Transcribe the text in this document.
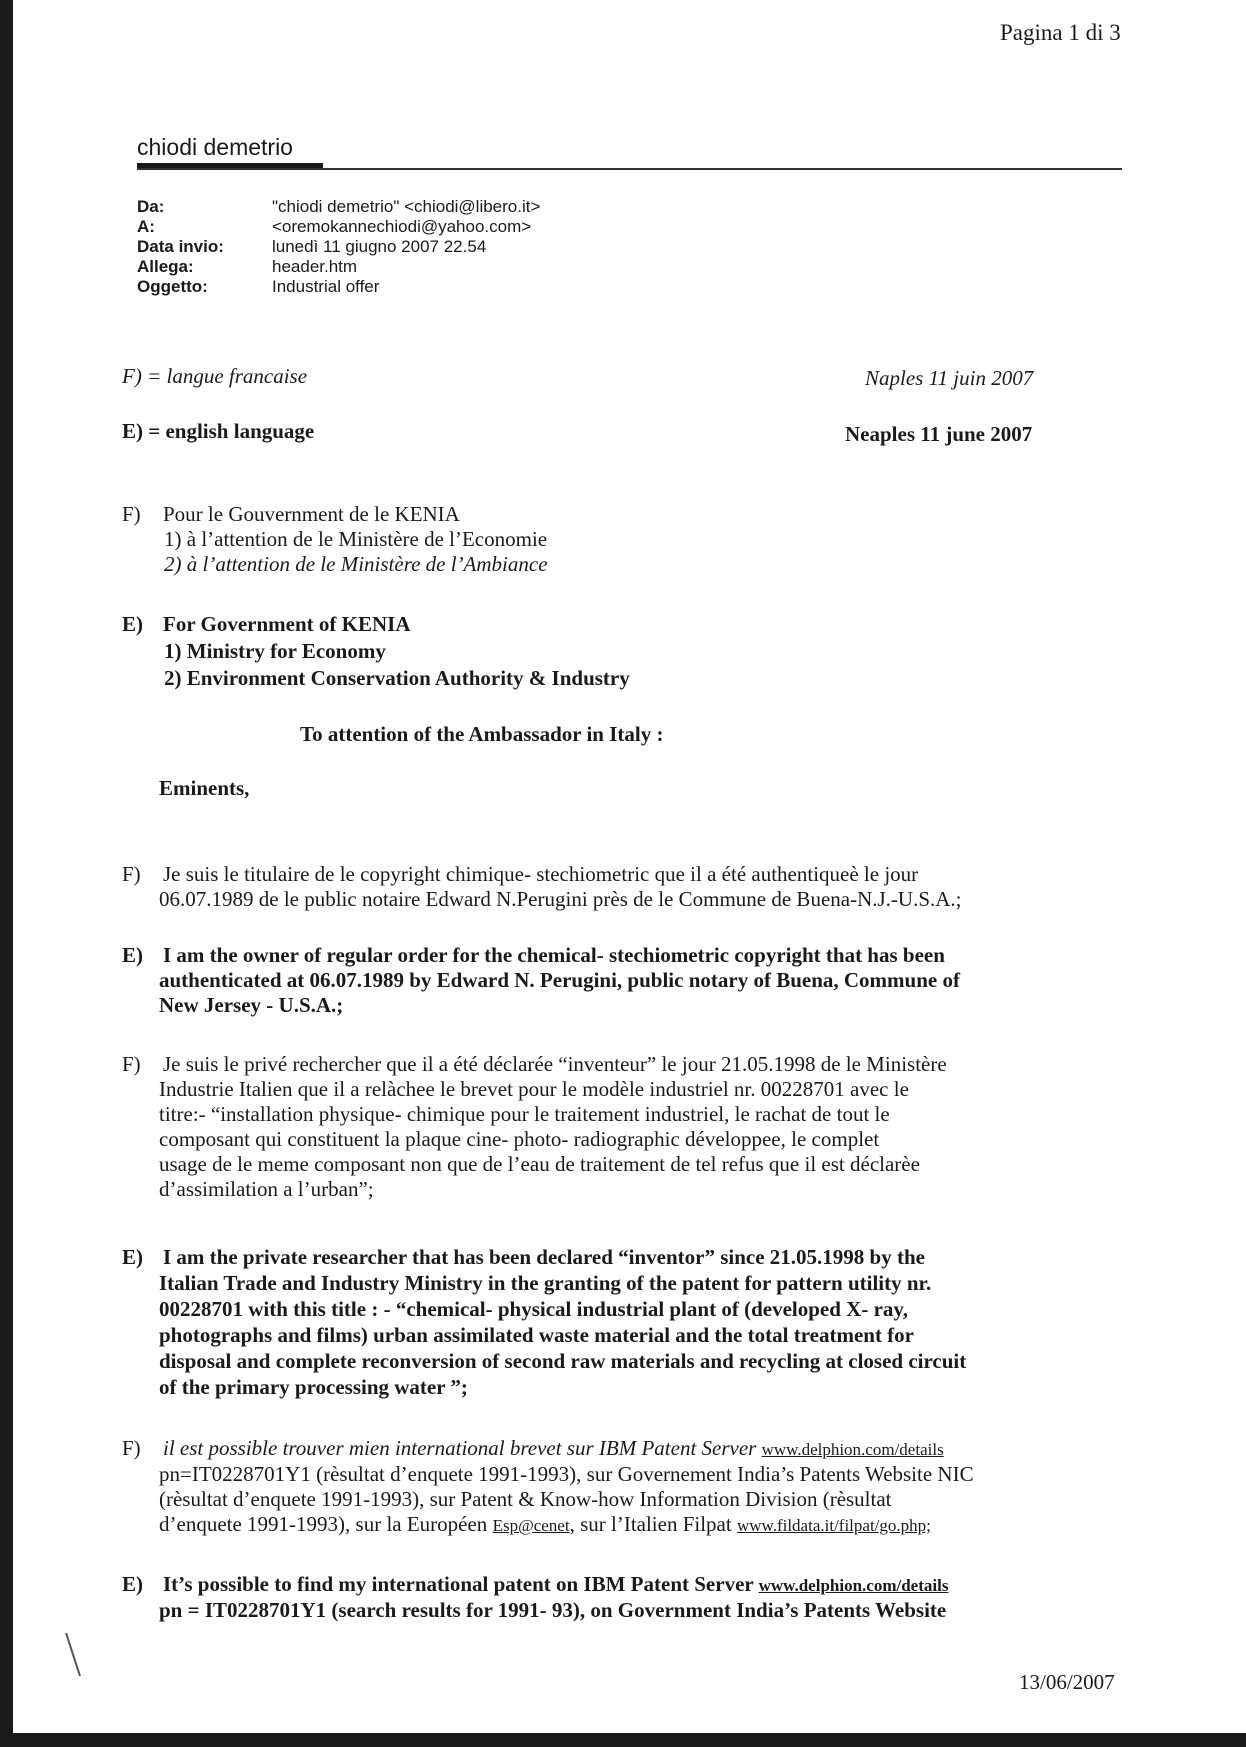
Pagina 1 di 3
chiodi demetrio
Da:	"chiodi demetrio" <chiodi@libero.it>
A:	<oremokannechiodi@yahoo.com>
Data invio:	lunedì 11 giugno 2007 22.54
Allega:	header.htm
Oggetto:	Industrial offer
F) = langue francaise	Naples 11 juin 2007
E) = english language	Neaples 11 june 2007
F) Pour le Gouvernment de le KENIA
1) à l’attention de le Ministère de l’Economie
2) à l’attention de le Ministère de l’Ambiance
E) For Government of KENIA
1) Ministry for Economy
2) Environment Conservation Authority & Industry
To attention of the Ambassador in Italy :
Eminents,
F) Je suis le titulaire de le copyright chimique- stechiometric que il a été authentiqueè le jour
06.07.1989 de le public notaire Edward N.Perugini près de le Commune de Buena-N.J.-U.S.A.;
E) I am the owner of regular order for the chemical- stechiometric copyright that has been
authenticated at 06.07.1989 by Edward N. Perugini, public notary of Buena, Commune of
New Jersey - U.S.A.;
F) Je suis le privé rechercher que il a été déclarée “inventeur” le jour 21.05.1998 de le Ministère
Industrie Italien que il a relàchee le brevet pour le modèle industriel nr. 00228701 avec le
titre:- “installation physique- chimique pour le traitement industriel, le rachat de tout le
composant qui constituent la plaque cine- photo- radiographic développee, le complet
usage de le meme composant non que de l’eau de traitement de tel refus que il est déclarèe
d’assimilation a l’urban”;
E) I am the private researcher that has been declared “inventor” since 21.05.1998 by the
Italian Trade and Industry Ministry in the granting of the patent for pattern utility nr.
00228701 with this title : - “chemical- physical industrial plant of (developed X- ray,
photographs and films) urban assimilated waste material and the total treatment for
disposal and complete reconversion of second raw materials and recycling at closed circuit
of the primary processing water ”;
F) il est possible trouver mien international brevet sur IBM Patent Server www.delphion.com/details
pn=IT0228701Y1 (rèsultat d’enquete 1991-1993), sur Governement India’s Patents Website NIC
(rèsultat d’enquete 1991-1993), sur Patent & Know-how Information Division (rèsultat
d’enquete 1991-1993), sur la Européen Esp@cenet, sur l’Italien Filpat www.fildata.it/filpat/go.php;
E) It’s possible to find my international patent on IBM Patent Server www.delphion.com/details
pn = IT0228701Y1 (search results for 1991- 93), on Government India’s Patents Website
13/06/2007
